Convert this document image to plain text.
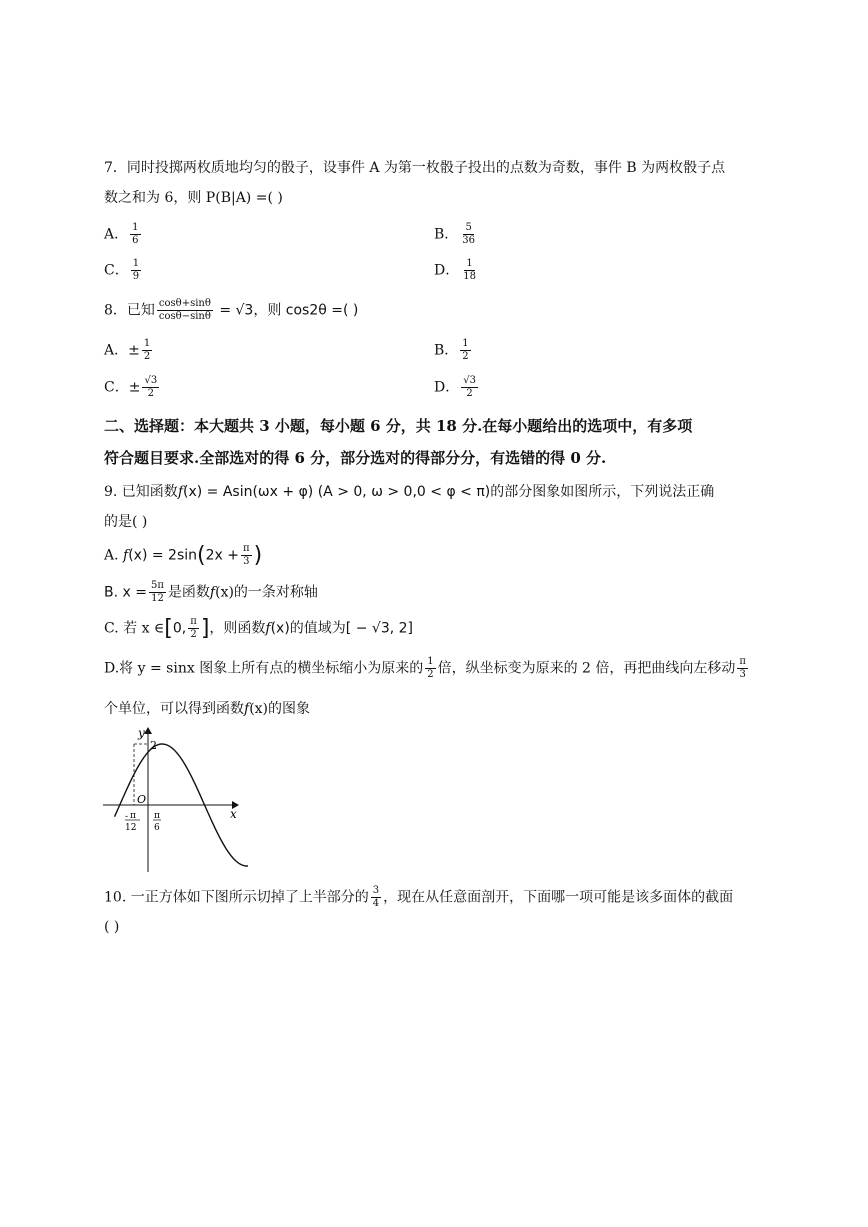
7．同时投掷两枚质地均匀的骰子，设事件 A 为第一枚骰子投出的点数为奇数，事件 B 为两枚骰子点
数之和为 6，则 P(B|A) =( )
A． $\frac{1}{6}$	B． $\frac{5}{36}$
C． $\frac{1}{9}$	D． $\frac{1}{18}$
8．已知 $\frac{\cos\theta+\sin\theta}{\cos\theta-\sin\theta} = √3$，则 cos2θ =( )
A．± $\frac{1}{2}$	B． $\frac{1}{2}$
C．± $\frac{√3}{2}$	D． $\frac{√3}{2}$
二、选择题：本大题共 3 小题，每小题 6 分，共 18 分.在每小题给出的选项中，有多项
符合题目要求.全部选对的得 6 分，部分选对的得部分分，有选错的得 0 分.
9. 已知函数f(x) = Asin(ωx + φ) (A > 0, ω > 0,0 < φ < π)的部分图象如图所示，下列说法正确
的是( )
A. $f(x) = 2\sin(2x + \frac{\pi}{3}$ )
B. $x = \frac{5\pi}{12}$ 是函数f(x)的一条对称轴
C. 若 x ∈[0, $\frac{\pi}{2}$ ]，则函数f(x)的值域为[ − √3, 2]
D.将 y = sinx 图象上所有点的横坐标缩小为原来的 $\frac{1}{2}$ 倍，纵坐标变为原来的 2 倍，再把曲线向左移动 $\frac{\pi}{3}$
个单位，可以得到函数f(x)的图象
y
x
O
2
- π
12
π
6
10. 一正方体如下图所示切掉了上半部分的 $\frac{3}{4}$ ，现在从任意面剖开，下面哪一项可能是该多面体的截面
( )
